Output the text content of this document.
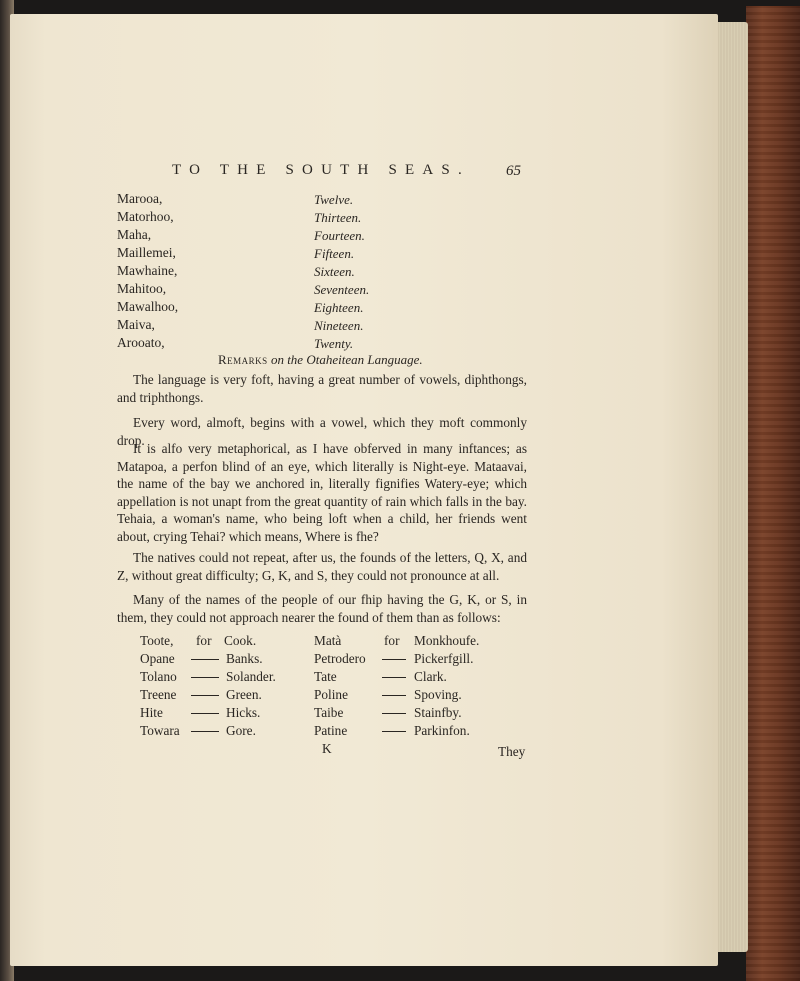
TO THE SOUTH SEAS. 65
Marooa,	Twelve.
Matorhoo,	Thirteen.
Maha,	Fourteen.
Maillemei,	Fifteen.
Mawhaine,	Sixteen.
Mahitoo,	Seventeen.
Mawalhoo,	Eighteen.
Maiva,	Nineteen.
Arooato,	Twenty.
Remarks on the Otaheitean Language.

The language is very foft, having a great number of vowels, diphthongs, and triphthongs.

Every word, almoft, begins with a vowel, which they moft commonly drop.

It is alfo very metaphorical, as I have obferved in many inftances; as Matapoa, a perfon blind of an eye, which literally is Night-eye. Mataavai, the name of the bay we anchored in, literally fignifies Watery-eye; which appellation is not unapt from the great quantity of rain which falls in the bay. Tehaia, a woman's name, who being loft when a child, her friends went about, crying Tehai? which means, Where is fhe?

The natives could not repeat, after us, the founds of the letters, Q, X, and Z, without great difficulty; G, K, and S, they could not pronounce at all.

Many of the names of the people of our fhip having the G, K, or S, in them, they could not approach nearer the found of them than as follows:

Toote, for Cook.
Opane	Banks.
Tolano	Solander.
Treene	Green.
Hite	Hicks.
Towara	Gore.
Matà	for Monkhoufe.
Petrodero	Pickerfgill.
Tate	Clark.
Poline	Spoving.
Taibe	Stainfby.
Patine	Parkinfon.
K	They
